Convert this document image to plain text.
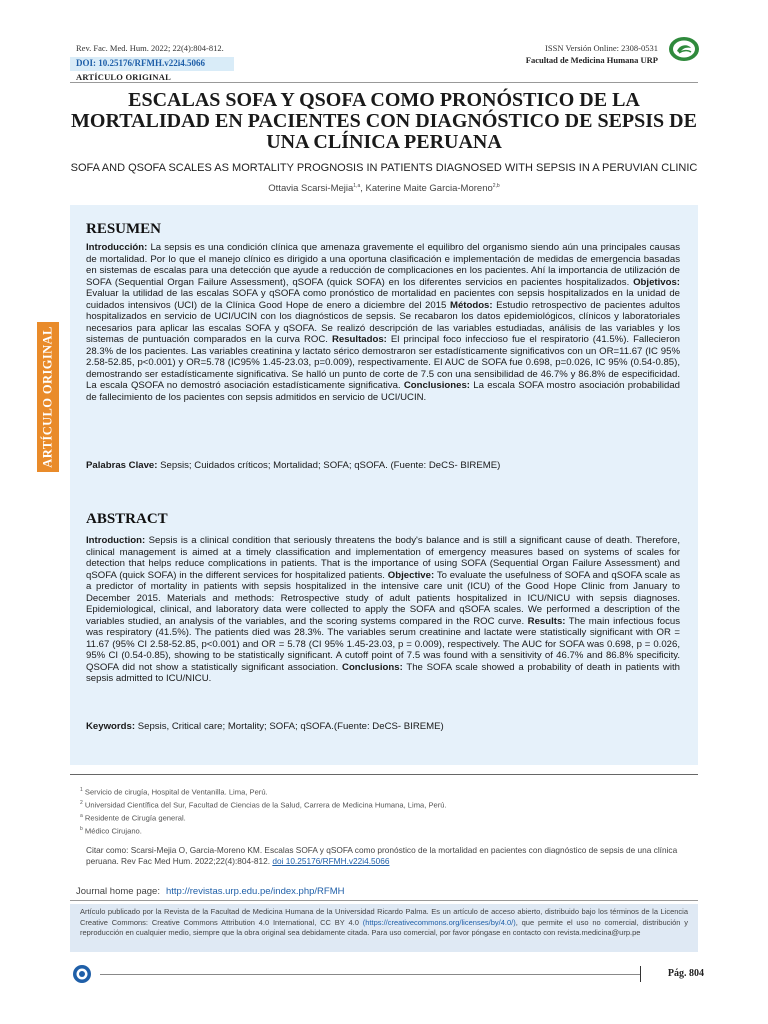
Rev. Fac. Med. Hum. 2022; 22(4):804-812.
DOI: 10.25176/RFMH.v22i4.5066
ARTÍCULO ORIGINAL
ISSN Versión Online: 2308-0531
Facultad de Medicina Humana URP
ESCALAS SOFA Y QSOFA COMO PRONÓSTICO DE LA MORTALIDAD EN PACIENTES CON DIAGNÓSTICO DE SEPSIS DE UNA CLÍNICA PERUANA
SOFA AND QSOFA SCALES AS MORTALITY PROGNOSIS IN PATIENTS DIAGNOSED WITH SEPSIS IN A PERUVIAN CLINIC
Ottavia Scarsi-Mejia$^{1,a}$, Katerine Maite Garcia-Moreno$^{2,b}$
ARTÍCULO ORIGINAL
RESUMEN
Introducción: La sepsis es una condición clínica que amenaza gravemente el equilibro del organismo siendo aún una principales causas de mortalidad. Por lo que el manejo clínico es dirigido a una oportuna clasificación e implementación de medidas de emergencia basadas en sistemas de escalas para una detección que ayude a reducción de complicaciones en los pacientes. Ahí la importancia de utilización de SOFA (Sequential Organ Failure Assessment), qSOFA (quick SOFA) en los diferentes servicios en pacientes hospitalizados. Objetivos: Evaluar la utilidad de las escalas SOFA y qSOFA como pronóstico de mortalidad en pacientes con sepsis hospitalizados en la unidad de cuidados intensivos (UCI) de la Clínica Good Hope de enero a diciembre del 2015 Métodos: Estudio retrospectivo de pacientes adultos hospitalizados en servicio de UCI/UCIN con los diagnósticos de sepsis. Se recabaron los datos epidemiológicos, clínicos y laboratoriales necesarios para aplicar las escalas SOFA y qSOFA. Se realizó descripción de las variables estudiadas, análisis de las variables y los sistemas de puntuación comparados en la curva ROC. Resultados: El principal foco infeccioso fue el respiratorio (41.5%). Fallecieron 28.3% de los pacientes. Las variables creatinina y lactato sérico demostraron ser estadísticamente significativos con un OR=11.67 (IC 95% 2.58-52.85, p<0.001) y OR=5.78 (IC95% 1.45-23.03, p=0.009), respectivamente. El AUC de SOFA fue 0.698, p=0.026, IC 95% (0.54-0.85), demostrando ser estadísticamente significativa. Se halló un punto de corte de 7.5 con una sensibilidad de 46.7% y 86.8% de especificidad. La escala QSOFA no demostró asociación estadísticamente significativa. Conclusiones: La escala SOFA mostro asociación probabilidad de fallecimiento de los pacientes con sepsis admitidos en servicio de UCI/UCIN.
Palabras Clave: Sepsis; Cuidados críticos; Mortalidad; SOFA; qSOFA. (Fuente: DeCS- BIREME)
ABSTRACT
Introduction: Sepsis is a clinical condition that seriously threatens the body's balance and is still a significant cause of death. Therefore, clinical management is aimed at a timely classification and implementation of emergency measures based on systems of scales for detection that helps reduce complications in patients. That is the importance of using SOFA (Sequential Organ Failure Assessment) and qSOFA (quick SOFA) in the different services for hospitalized patients. Objective: To evaluate the usefulness of SOFA and qSOFA scale as a predictor of mortality in patients with sepsis hospitalized in the intensive care unit (ICU) of the Good Hope Clinic from January to December 2015. Materials and methods: Retrospective study of adult patients hospitalized in ICU/NICU with sepsis diagnoses. Epidemiological, clinical, and laboratory data were collected to apply the SOFA and qSOFA scales. We performed a description of the variables studied, an analysis of the variables, and the scoring systems compared in the ROC curve. Results: The main infectious focus was respiratory (41.5%). The patients died was 28.3%. The variables serum creatinine and lactate were statistically significant with OR = 11.67 (95% CI 2.58-52.85, p<0.001) and OR = 5.78 (CI 95% 1.45-23.03, p = 0.009), respectively. The AUC for SOFA was 0.698, p = 0.026, 95% CI (0.54-0.85), showing to be statistically significant. A cutoff point of 7.5 was found with a sensitivity of 46.7% and 86.8% specificity. QSOFA did not show a statistically significant association. Conclusions: The SOFA scale showed a probability of death in patients with sepsis admitted to ICU/NICU.
Keywords: Sepsis, Critical care; Mortality; SOFA; qSOFA.(Fuente: DeCS- BIREME)
$^1$ Servicio de cirugía, Hospital de Ventanilla. Lima, Perú.
$^2$ Universidad Científica del Sur, Facultad de Ciencias de la Salud, Carrera de Medicina Humana, Lima, Perú.
$^a$ Residente de Cirugía general.
$^b$ Médico Cirujano.
Citar como: Scarsi-Mejia O, Garcia-Moreno KM. Escalas SOFA y qSOFA como pronóstico de la mortalidad en pacientes con diagnóstico de sepsis de una clínica peruana. Rev Fac Med Hum. 2022;22(4):804-812. doi 10.25176/RFMH.v22i4.5066
Journal home page: http://revistas.urp.edu.pe/index.php/RFMH
Artículo publicado por la Revista de la Facultad de Medicina Humana de la Universidad Ricardo Palma. Es un artículo de acceso abierto, distribuido bajo los términos de la Licencia Creative Commons: Creative Commons Attribution 4.0 International, CC BY 4.0 (https://creativecommons.org/licenses/by/4.0/), que permite el uso no comercial, distribución y reproducción en cualquier medio, siempre que la obra original sea debidamente citada. Para uso comercial, por favor póngase en contacto con revista.medicina@urp.pe
Pág. 804
